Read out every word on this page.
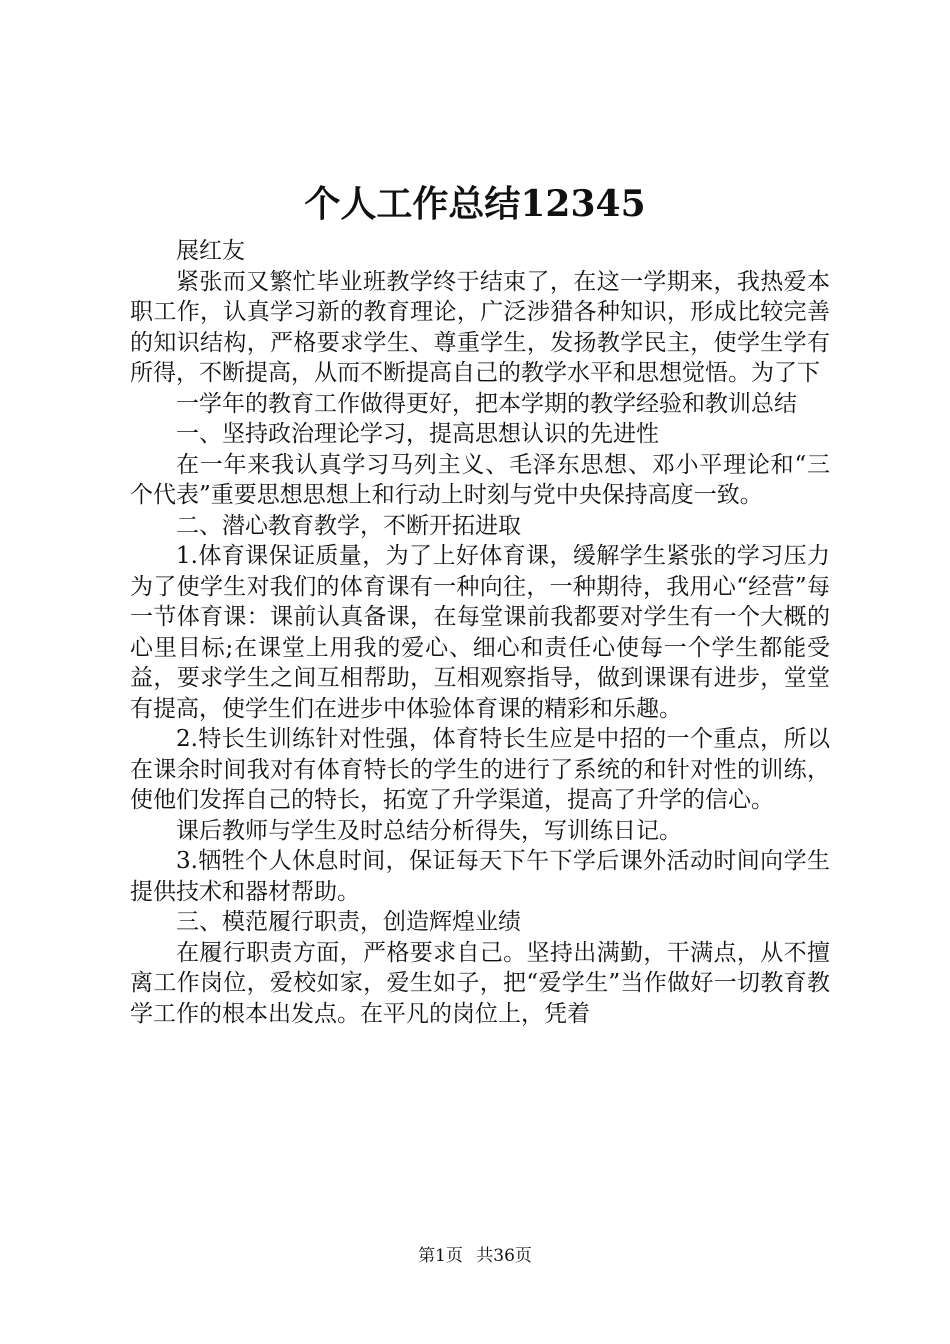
个人工作总结12345

展红友

紧张而又繁忙毕业班教学终于结束了，在这一学期来，我热爱本职工作，认真学习新的教育理论，广泛涉猎各种知识，形成比较完善的知识结构，严格要求学生、尊重学生，发扬教学民主，使学生学有所得，不断提高，从而不断提高自己的教学水平和思想觉悟。为了下

一学年的教育工作做得更好，把本学期的教学经验和教训总结

一、坚持政治理论学习，提高思想认识的先进性

在一年来我认真学习马列主义、毛泽东思想、邓小平理论和“三个代表”重要思想思想上和行动上时刻与党中央保持高度一致。

二、潜心教育教学，不断开拓进取

1.体育课保证质量，为了上好体育课，缓解学生紧张的学习压力为了使学生对我们的体育课有一种向往，一种期待，我用心“经营”每一节体育课：课前认真备课，在每堂课前我都要对学生有一个大概的心里目标;在课堂上用我的爱心、细心和责任心使每一个学生都能受益，要求学生之间互相帮助，互相观察指导，做到课课有进步，堂堂有提高，使学生们在进步中体验体育课的精彩和乐趣。

2.特长生训练针对性强，体育特长生应是中招的一个重点，所以在课余时间我对有体育特长的学生的进行了系统的和针对性的训练，使他们发挥自己的特长，拓宽了升学渠道，提高了升学的信心。

课后教师与学生及时总结分析得失，写训练日记。

3.牺牲个人休息时间，保证每天下午下学后课外活动时间向学生提供技术和器材帮助。

三、模范履行职责，创造辉煌业绩

在履行职责方面，严格要求自己。坚持出满勤，干满点，从不擅离工作岗位，爱校如家，爱生如子，把“爱学生”当作做好一切教育教学工作的根本出发点。在平凡的岗位上，凭着

第1页 共36页
